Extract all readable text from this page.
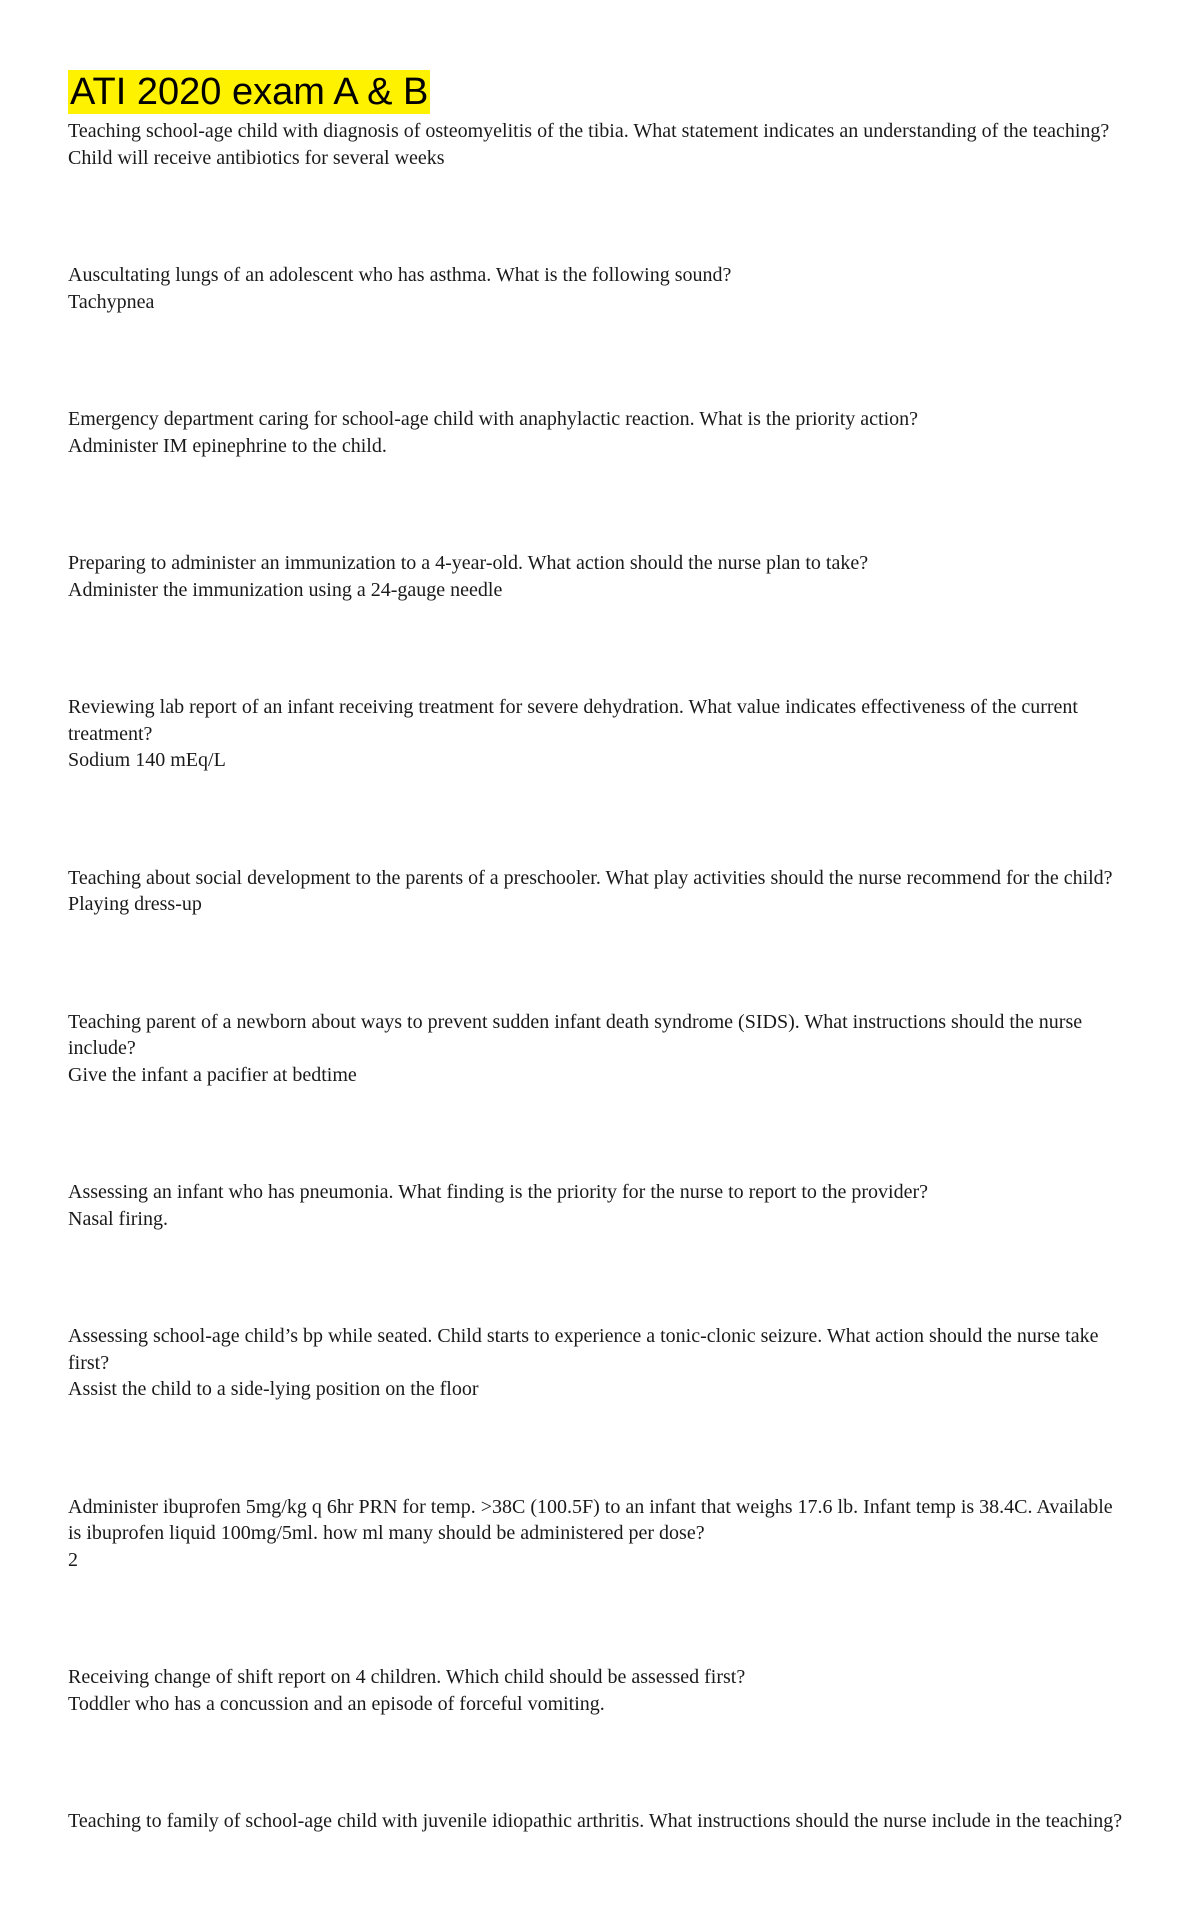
ATI 2020 exam A & B

Teaching school-age child with diagnosis of osteomyelitis of the tibia. What statement indicates an understanding of the teaching?

Child will receive antibiotics for several weeks

Auscultating lungs of an adolescent who has asthma. What is the following sound?

Tachypnea

Emergency department caring for school-age child with anaphylactic reaction. What is the priority action?

Administer IM epinephrine to the child.

Preparing to administer an immunization to a 4-year-old. What action should the nurse plan to take?

Administer the immunization using a 24-gauge needle

Reviewing lab report of an infant receiving treatment for severe dehydration. What value indicates effectiveness of the current treatment?

Sodium 140 mEq/L

Teaching about social development to the parents of a preschooler. What play activities should the nurse recommend for the child?

Playing dress-up

Teaching parent of a newborn about ways to prevent sudden infant death syndrome (SIDS). What instructions should the nurse include?

Give the infant a pacifier at bedtime

Assessing an infant who has pneumonia. What finding is the priority for the nurse to report to the provider?

Nasal firing.

Assessing school-age child’s bp while seated. Child starts to experience a tonic-clonic seizure. What action should the nurse take first?

Assist the child to a side-lying position on the floor

Administer ibuprofen 5mg/kg q 6hr PRN for temp. >38C (100.5F) to an infant that weighs 17.6 lb. Infant temp is 38.4C. Available is ibuprofen liquid 100mg/5ml. how ml many should be administered per dose?

2

Receiving change of shift report on 4 children. Which child should be assessed first?

Toddler who has a concussion and an episode of forceful vomiting.

Teaching to family of school-age child with juvenile idiopathic arthritis. What instructions should the nurse include in the teaching?
